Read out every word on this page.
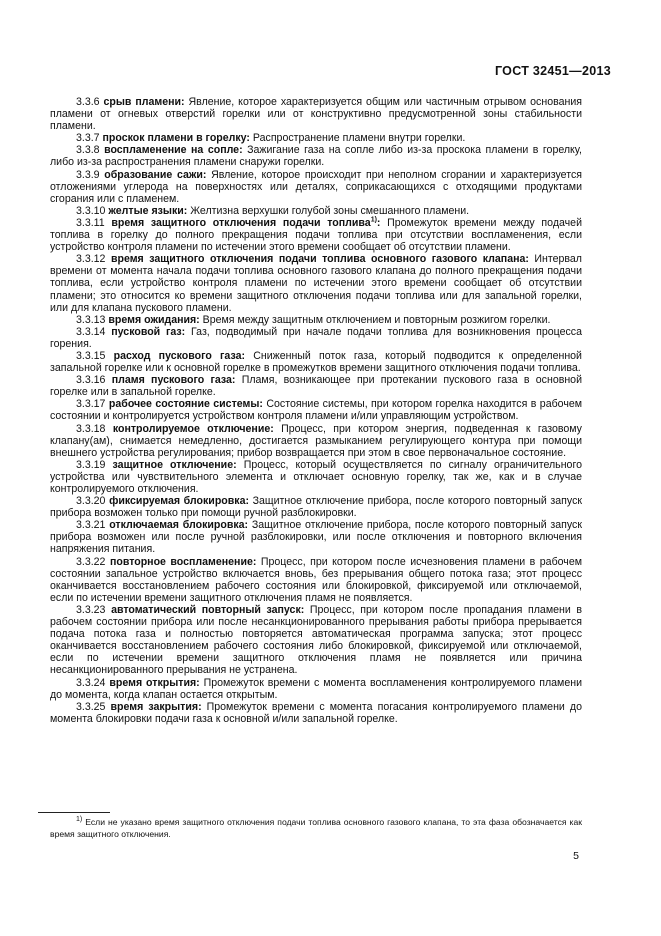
ГОСТ 32451—2013

3.3.6 срыв пламени: Явление, которое характеризуется общим или частичным отрывом основания пламени от огневых отверстий горелки или от конструктивно предусмотренной зоны стабильности пламени.

3.3.7 проскок пламени в горелку: Распространение пламени внутри горелки.

3.3.8 воспламенение на сопле: Зажигание газа на сопле либо из-за проскока пламени в горелку, либо из-за распространения пламени снаружи горелки.

3.3.9 образование сажи: Явление, которое происходит при неполном сгорании и характеризуется отложениями углерода на поверхностях или деталях, соприкасающихся с отходящими продуктами сгорания или с пламенем.

3.3.10 желтые языки: Желтизна верхушки голубой зоны смешанного пламени.

3.3.11 время защитного отключения подачи топлива$^{1)}$: Промежуток времени между подачей топлива в горелку до полного прекращения подачи топлива при отсутствии воспламенения, если устройство контроля пламени по истечении этого времени сообщает об отсутствии пламени.

3.3.12 время защитного отключения подачи топлива основного газового клапана: Интервал времени от момента начала подачи топлива основного газового клапана до полного прекращения подачи топлива, если устройство контроля пламени по истечении этого времени сообщает об отсутствии пламени; это относится ко времени защитного отключения подачи топлива или для запальной горелки, или для клапана пускового пламени.

3.3.13 время ожидания: Время между защитным отключением и повторным розжигом горелки.

3.3.14 пусковой газ: Газ, подводимый при начале подачи топлива для возникновения процесса горения.

3.3.15 расход пускового газа: Сниженный поток газа, который подводится к определенной запальной горелке или к основной горелке в промежутков времени защитного отключения подачи топлива.

3.3.16 пламя пускового газа: Пламя, возникающее при протекании пускового газа в основной горелке или в запальной горелке.

3.3.17 рабочее состояние системы: Состояние системы, при котором горелка находится в рабочем состоянии и контролируется устройством контроля пламени и/или управляющим устройством.

3.3.18 контролируемое отключение: Процесс, при котором энергия, подведенная к газовому клапану(ам), снимается немедленно, достигается размыканием регулирующего контура при помощи внешнего устройства регулирования; прибор возвращается при этом в свое первоначальное состояние.

3.3.19 защитное отключение: Процесс, который осуществляется по сигналу ограничительного устройства или чувствительного элемента и отключает основную горелку, так же, как и в случае контролируемого отключения.

3.3.20 фиксируемая блокировка: Защитное отключение прибора, после которого повторный запуск прибора возможен только при помощи ручной разблокировки.

3.3.21 отключаемая блокировка: Защитное отключение прибора, после которого повторный запуск прибора возможен или после ручной разблокировки, или после отключения и повторного включения напряжения питания.

3.3.22 повторное воспламенение: Процесс, при котором после исчезновения пламени в рабочем состоянии запальное устройство включается вновь, без прерывания общего потока газа; этот процесс оканчивается восстановлением рабочего состояния или блокировкой, фиксируемой или отключаемой, если по истечении времени защитного отключения пламя не появляется.

3.3.23 автоматический повторный запуск: Процесс, при котором после пропадания пламени в рабочем состоянии прибора или после несанкционированного прерывания работы прибора прерывается подача потока газа и полностью повторяется автоматическая программа запуска; этот процесс оканчивается восстановлением рабочего состояния либо блокировкой, фиксируемой или отключаемой, если по истечении времени защитного отключения пламя не появляется или причина несанкционированного прерывания не устранена.

3.3.24 время открытия: Промежуток времени с момента воспламенения контролируемого пламени до момента, когда клапан остается открытым.

3.3.25 время закрытия: Промежуток времени с момента погасания контролируемого пламени до момента блокировки подачи газа к основной и/или запальной горелке.

$^{1)}$ Если не указано время защитного отключения подачи топлива основного газового клапана, то эта фаза обозначается как время защитного отключения.

5
